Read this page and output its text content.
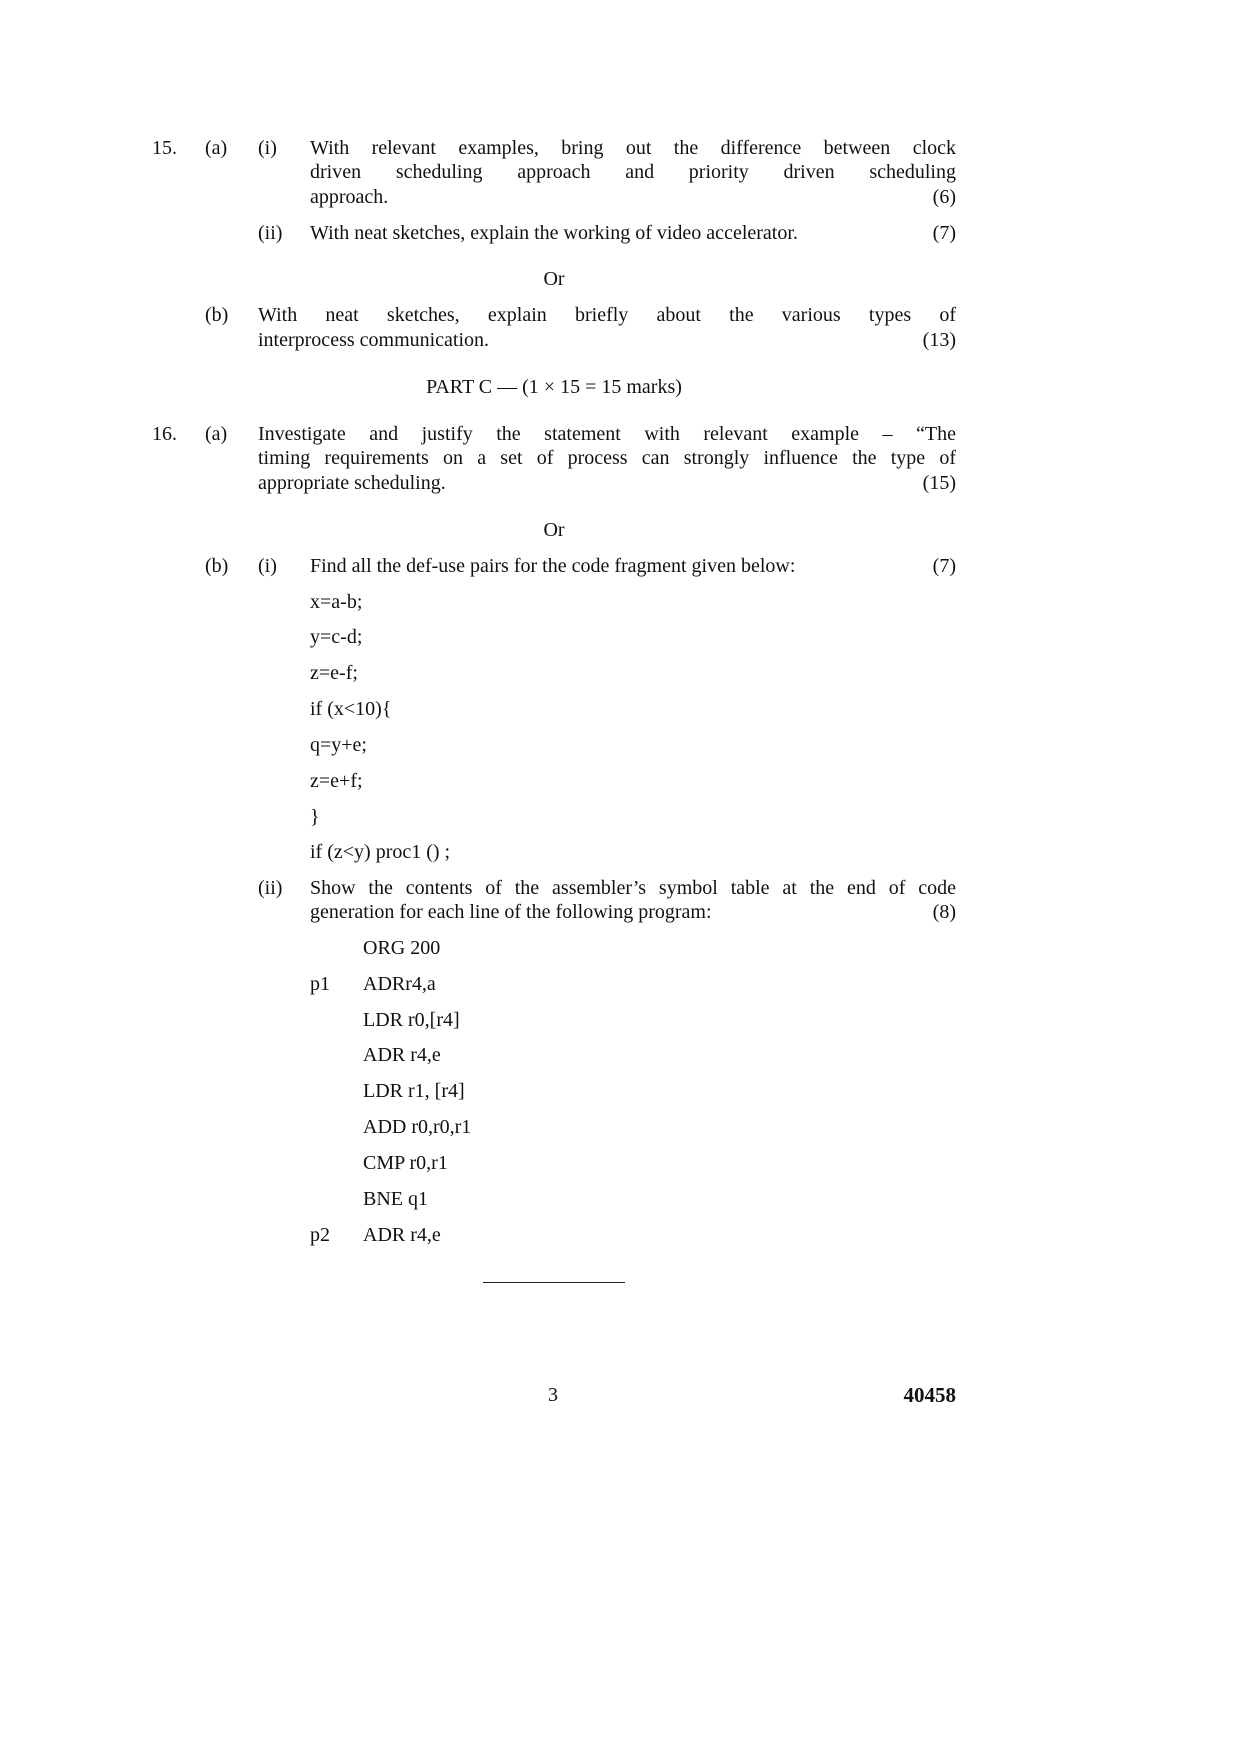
15. (a) (i) With relevant examples, bring out the difference between clock
driven scheduling approach and priority driven scheduling
approach.	(6)
(ii) With neat sketches, explain the working of video accelerator.	(7)
Or
(b) With neat sketches, explain briefly about the various types of
interprocess communication.	(13)
PART C — (1 × 15 = 15 marks)
16. (a) Investigate and justify the statement with relevant example – “The
timing requirements on a set of process can strongly influence the type of
appropriate scheduling.	(15)
Or
(b) (i) Find all the def-use pairs for the code fragment given below:	(7)
x=a-b;
y=c-d;
z=e-f;
if (x<10){
q=y+e;
z=e+f;
}
if (z<y) proc1 () ;
(ii) Show the contents of the assembler’s symbol table at the end of code
generation for each line of the following program:	(8)
ORG 200
p1 ADRr4,a
LDR r0,[r4]
ADR r4,e
LDR r1, [r4]
ADD r0,r0,r1
CMP r0,r1
BNE q1
p2 ADR r4,e
3	40458
